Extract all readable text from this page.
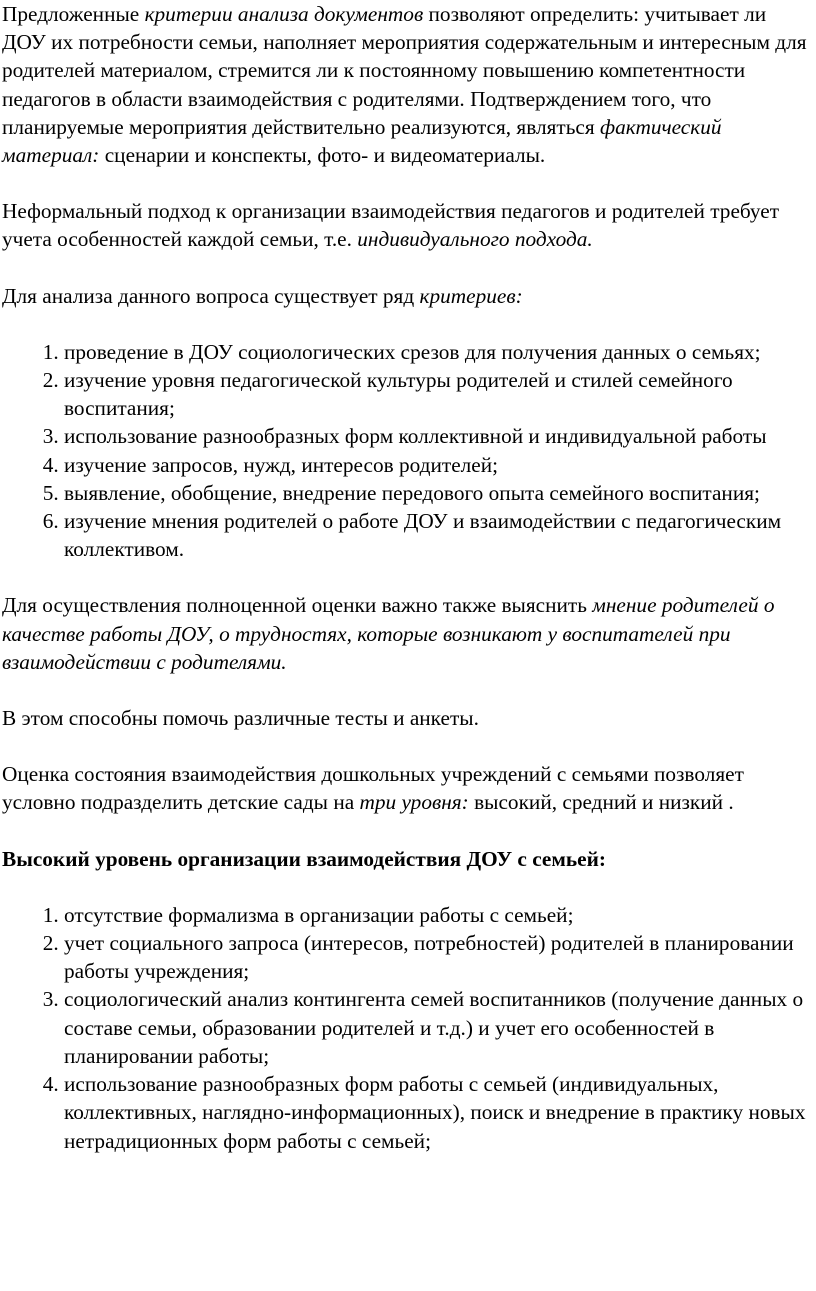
Предложенные критерии анализа документов позволяют определить: учитывает ли ДОУ их потребности семьи, наполняет мероприятия содержательным и интересным для родителей материалом, стремится ли к постоянному повышению компетентности педагогов в области взаимодействия с родителями. Подтверждением того, что планируемые мероприятия действительно реализуются, являться фактический материал: сценарии и конспекты, фото- и видеоматериалы.

Неформальный подход к организации взаимодействия педагогов и родителей требует учета особенностей каждой семьи, т.е. индивидуального подхода.

Для анализа данного вопроса существует ряд критериев:

1. проведение в ДОУ социологических срезов для получения данных о семьях;
2. изучение уровня педагогической культуры родителей и стилей семейного воспитания;
3. использование разнообразных форм коллективной и индивидуальной работы
4. изучение запросов, нужд, интересов родителей;
5. выявление, обобщение, внедрение передового опыта семейного воспитания;
6. изучение мнения родителей о работе ДОУ и взаимодействии с педагогическим коллективом.

Для осуществления полноценной оценки важно также выяснить мнение родителей о качестве работы ДОУ, о трудностях, которые возникают у воспитателей при взаимодействии с родителями.

В этом способны помочь различные тесты и анкеты.

Оценка состояния взаимодействия дошкольных учреждений с семьями позволяет условно подразделить детские сады на три уровня: высокий, средний и низкий .

Высокий уровень организации взаимодействия ДОУ с семьей:

1. отсутствие формализма в организации работы с семьей;
2. учет социального запроса (интересов, потребностей) родителей в планировании работы учреждения;
3. социологический анализ контингента семей воспитанников (получение данных о составе семьи, образовании родителей и т.д.) и учет его особенностей в планировании работы;
4. использование разнообразных форм работы с семьей (индивидуальных, коллективных, наглядно-информационных), поиск и внедрение в практику новых нетрадиционных форм работы с семьей;
